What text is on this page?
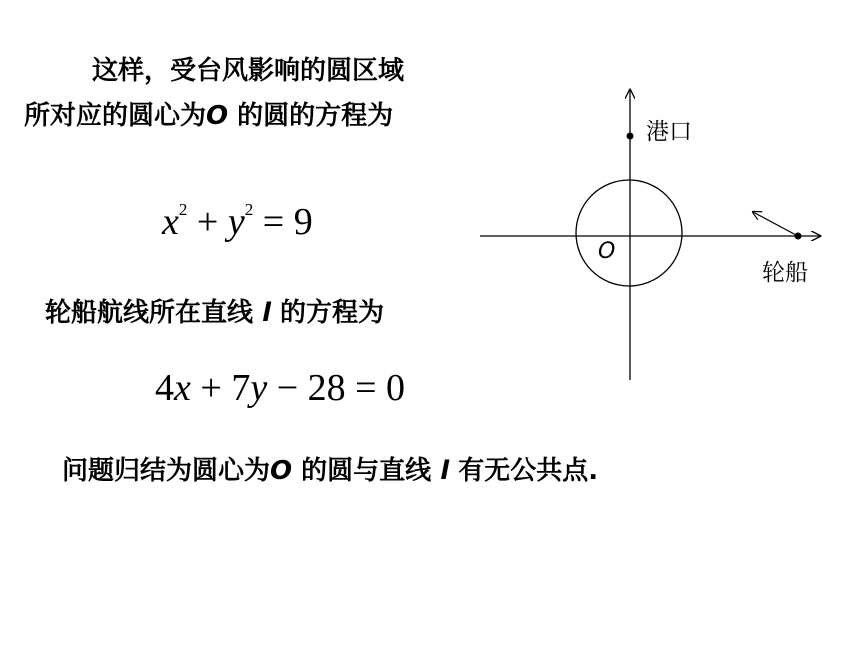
这样，受台风影响的圆区域
所对应的圆心为O 的圆的方程为
$x^2 + y^2 = 9$
轮船航线所在直线 l 的方程为
4x + 7y − 28 = 0
问题归结为圆心为O 的圆与直线 l 有无公共点.
港口
轮船
O
